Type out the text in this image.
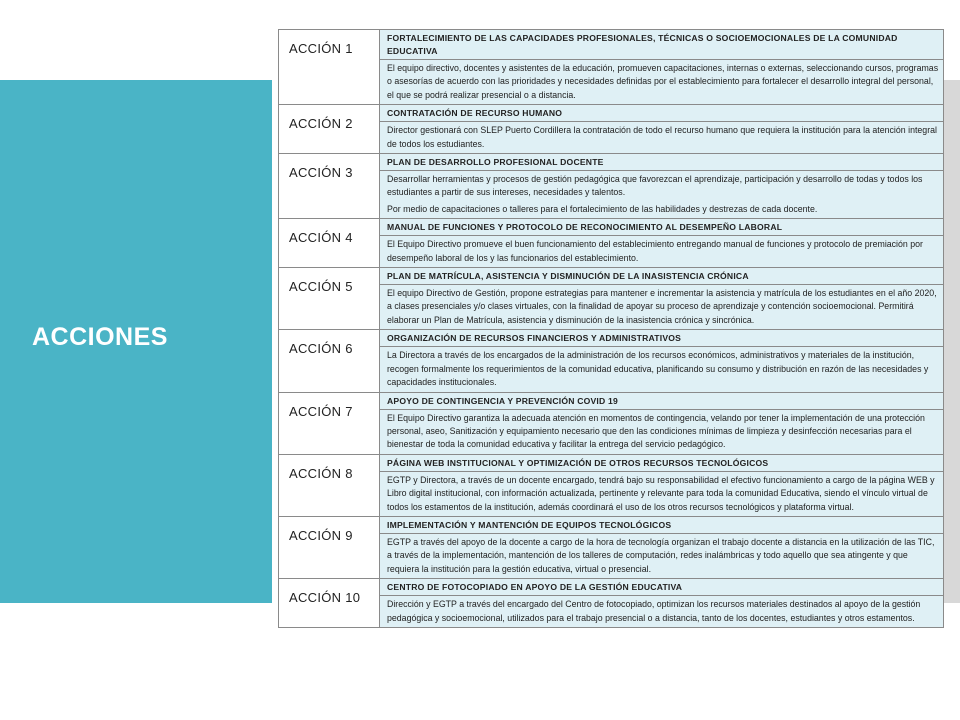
ACCIONES
ACCIÓN 1	FORTALECIMIENTO DE LAS CAPACIDADES PROFESIONALES, TÉCNICAS O SOCIOEMOCIONALES DE LA COMUNIDAD EDUCATIVA

	El equipo directivo, docentes y asistentes de la educación, promueven capacitaciones, internas o externas, seleccionando cursos, programas o asesorías de acuerdo con las prioridades y necesidades definidas por el establecimiento para fortalecer el desarrollo integral del personal, el que se podrá realizar presencial o a distancia.

ACCIÓN 2	CONTRATACIÓN DE RECURSO HUMANO

	Director gestionará con SLEP Puerto Cordillera la contratación de todo el recurso humano que requiera la institución para la atención integral de todos los estudiantes.

ACCIÓN 3	PLAN DE DESARROLLO PROFESIONAL DOCENTE

	Desarrollar herramientas y procesos de gestión pedagógica que favorezcan el aprendizaje, participación y desarrollo de todas y todos los estudiantes a partir de sus intereses, necesidades y talentos.
Por medio de capacitaciones o talleres para el fortalecimiento de las habilidades y destrezas de cada docente.

ACCIÓN 4	MANUAL DE FUNCIONES Y PROTOCOLO DE RECONOCIMIENTO AL DESEMPEÑO LABORAL

	El Equipo Directivo promueve el buen funcionamiento del establecimiento entregando manual de funciones y protocolo de premiación por desempeño laboral de los y las funcionarios del establecimiento.

ACCIÓN 5	PLAN DE MATRÍCULA, ASISTENCIA Y DISMINUCIÓN DE LA INASISTENCIA CRÓNICA

	El equipo Directivo de Gestión, propone estrategias para mantener e incrementar la asistencia y matrícula de los estudiantes en el año 2020, a clases presenciales y/o clases virtuales, con la finalidad de apoyar su proceso de aprendizaje y contención socioemocional. Permitirá elaborar un Plan de Matrícula, asistencia y disminución de la inasistencia crónica y sincrónica.

ACCIÓN 6	ORGANIZACIÓN DE RECURSOS FINANCIEROS Y ADMINISTRATIVOS

	La Directora a través de los encargados de la administración de los recursos económicos, administrativos y materiales de la institución, recogen formalmente los requerimientos de la comunidad educativa, planificando su consumo y distribución en razón de las necesidades y capacidades institucionales.

ACCIÓN 7	APOYO DE CONTINGENCIA Y PREVENCIÓN COVID 19

	El Equipo Directivo garantiza la adecuada atención en momentos de contingencia, velando por tener la implementación de una protección personal, aseo, Sanitización y equipamiento necesario que den las condiciones mínimas de limpieza y desinfección necesarias para el bienestar de toda la comunidad educativa y facilitar la entrega del servicio pedagógico.

ACCIÓN 8	PÁGINA WEB INSTITUCIONAL Y OPTIMIZACIÓN DE OTROS RECURSOS TECNOLÓGICOS

	EGTP y Directora, a través de un docente encargado, tendrá bajo su responsabilidad el efectivo funcionamiento a cargo de la página WEB y Libro digital institucional, con información actualizada, pertinente y relevante para toda la comunidad Educativa, siendo el vínculo virtual de todos los estamentos de la institución, además coordinará el uso de los otros recursos tecnológicos y plataforma virtual.

ACCIÓN 9	IMPLEMENTACIÓN Y MANTENCIÓN DE EQUIPOS TECNOLÓGICOS

	EGTP a través del apoyo de la docente a cargo de la hora de tecnología organizan el trabajo docente a distancia en la utilización de las TIC, a través de la implementación, mantención de los talleres de computación, redes inalámbricas y todo aquello que sea atingente y que requiera la institución para la gestión educativa, virtual o presencial.

ACCIÓN 10	CENTRO DE FOTOCOPIADO EN APOYO DE LA GESTIÓN EDUCATIVA

	Dirección y EGTP a través del encargado del Centro de fotocopiado, optimizan los recursos materiales destinados al apoyo de la gestión pedagógica y socioemocional, utilizados para el trabajo presencial o a distancia, tanto de los docentes, estudiantes y otros estamentos.
